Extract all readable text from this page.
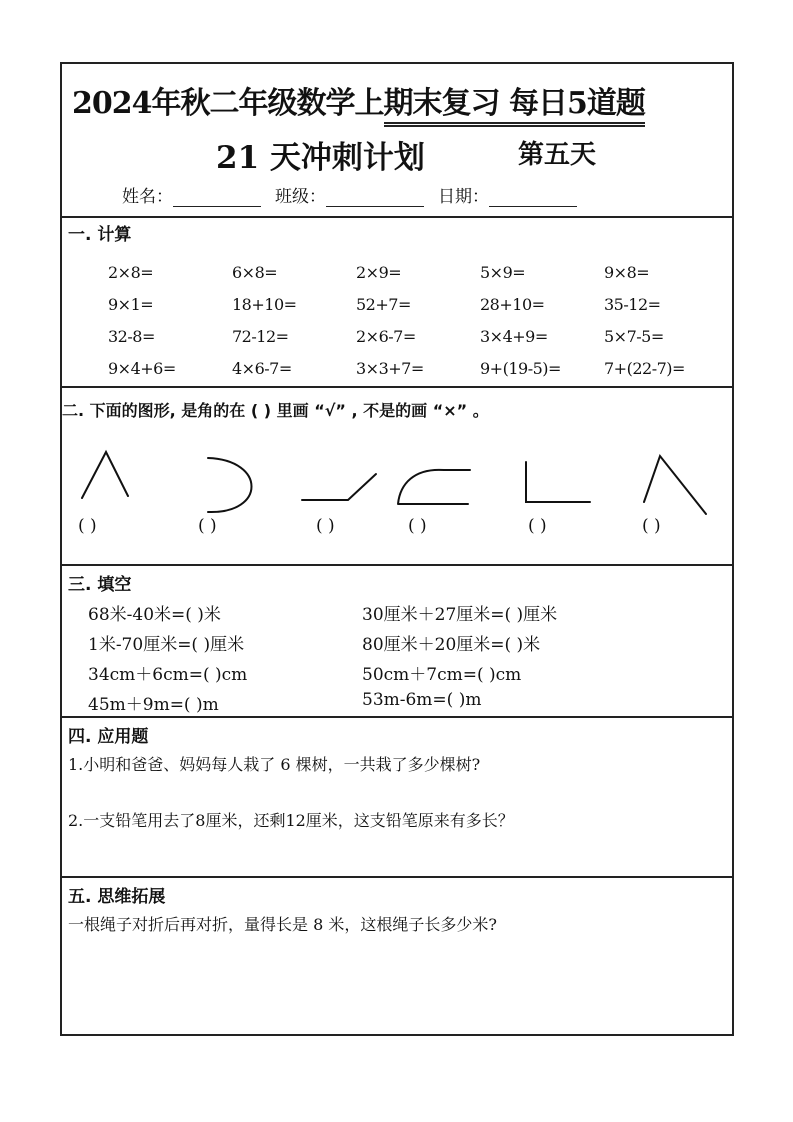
2024年秋二年级数学上期末复习 每日5道题
21 天冲刺计划	第五天
姓名：	班级：	日期：
一. 计算
2×8=	6×8=	2×9=	5×9=	9×8=
9×1=	18+10=	52+7=	28+10=	35-12=
32-8=	72-12=	2×6-7=	3×4+9=	5×7-5=
9×4+6=	4×6-7=	3×3+7=	9+(19-5)=	7+(22-7)=
二. 下面的图形, 是角的在 ( ) 里画 “√” , 不是的画 “×” 。
( )	( )	( )	( )	( )	( )
三. 填空
68米-40米=( )米	30厘米＋27厘米=( )厘米
1米-70厘米=( )厘米	80厘米＋20厘米=( )米
34cm＋6cm=( )cm	50cm＋7cm=( )cm
45m＋9m=( )m	53m-6m=( )m
四. 应用题
1.小明和爸爸、妈妈每人栽了 6 棵树，一共栽了多少棵树?
2.一支铅笔用去了8厘米，还剩12厘米，这支铅笔原来有多长？
五. 思维拓展
一根绳子对折后再对折，量得长是 8 米，这根绳子长多少米?
